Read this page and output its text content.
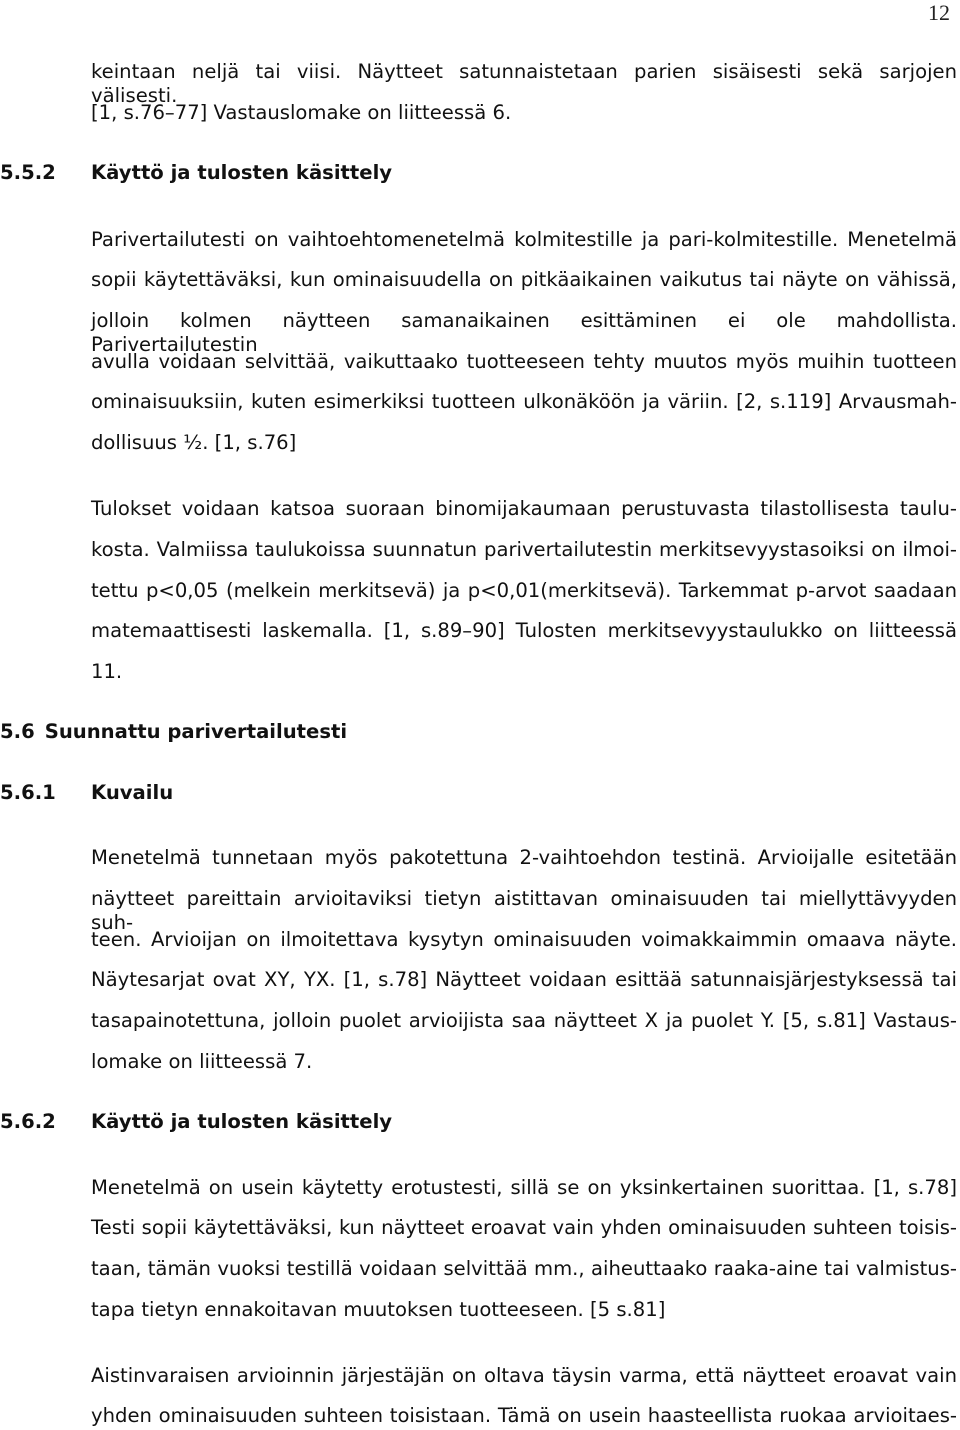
12
keintaan neljä tai viisi. Näytteet satunnaistetaan parien sisäisesti sekä sarjojen välisesti.
[1, s.76–77] Vastauslomake on liitteessä 6.
5.5.2 Käyttö ja tulosten käsittely
Parivertailutesti on vaihtoehtomenetelmä kolmitestille ja pari-kolmitestille. Menetelmä
sopii käytettäväksi, kun ominaisuudella on pitkäaikainen vaikutus tai näyte on vähissä,
jolloin kolmen näytteen samanaikainen esittäminen ei ole mahdollista. Parivertailutestin
avulla voidaan selvittää, vaikuttaako tuotteeseen tehty muutos myös muihin tuotteen
ominaisuuksiin, kuten esimerkiksi tuotteen ulkonäköön ja väriin. [2, s.119] Arvausmah-
dollisuus ½. [1, s.76]
Tulokset voidaan katsoa suoraan binomijakaumaan perustuvasta tilastollisesta taulu-
kosta. Valmiissa taulukoissa suunnatun parivertailutestin merkitsevyystasoiksi on ilmoi-
tettu p<0,05 (melkein merkitsevä) ja p<0,01(merkitsevä). Tarkemmat p-arvot saadaan
matemaattisesti laskemalla. [1, s.89–90] Tulosten merkitsevyystaulukko on liitteessä
11.
5.6 Suunnattu parivertailutesti
5.6.1 Kuvailu
Menetelmä tunnetaan myös pakotettuna 2-vaihtoehdon testinä. Arvioijalle esitetään
näytteet pareittain arvioitaviksi tietyn aistittavan ominaisuuden tai miellyttävyyden suh-
teen. Arvioijan on ilmoitettava kysytyn ominaisuuden voimakkaimmin omaava näyte.
Näytesarjat ovat XY, YX. [1, s.78] Näytteet voidaan esittää satunnaisjärjestyksessä tai
tasapainotettuna, jolloin puolet arvioijista saa näytteet X ja puolet Y. [5, s.81] Vastaus-
lomake on liitteessä 7.
5.6.2 Käyttö ja tulosten käsittely
Menetelmä on usein käytetty erotustesti, sillä se on yksinkertainen suorittaa. [1, s.78]
Testi sopii käytettäväksi, kun näytteet eroavat vain yhden ominaisuuden suhteen toisis-
taan, tämän vuoksi testillä voidaan selvittää mm., aiheuttaako raaka-aine tai valmistus-
tapa tietyn ennakoitavan muutoksen tuotteeseen. [5 s.81]
Aistinvaraisen arvioinnin järjestäjän on oltava täysin varma, että näytteet eroavat vain
yhden ominaisuuden suhteen toisistaan. Tämä on usein haasteellista ruokaa arvioitaes-
